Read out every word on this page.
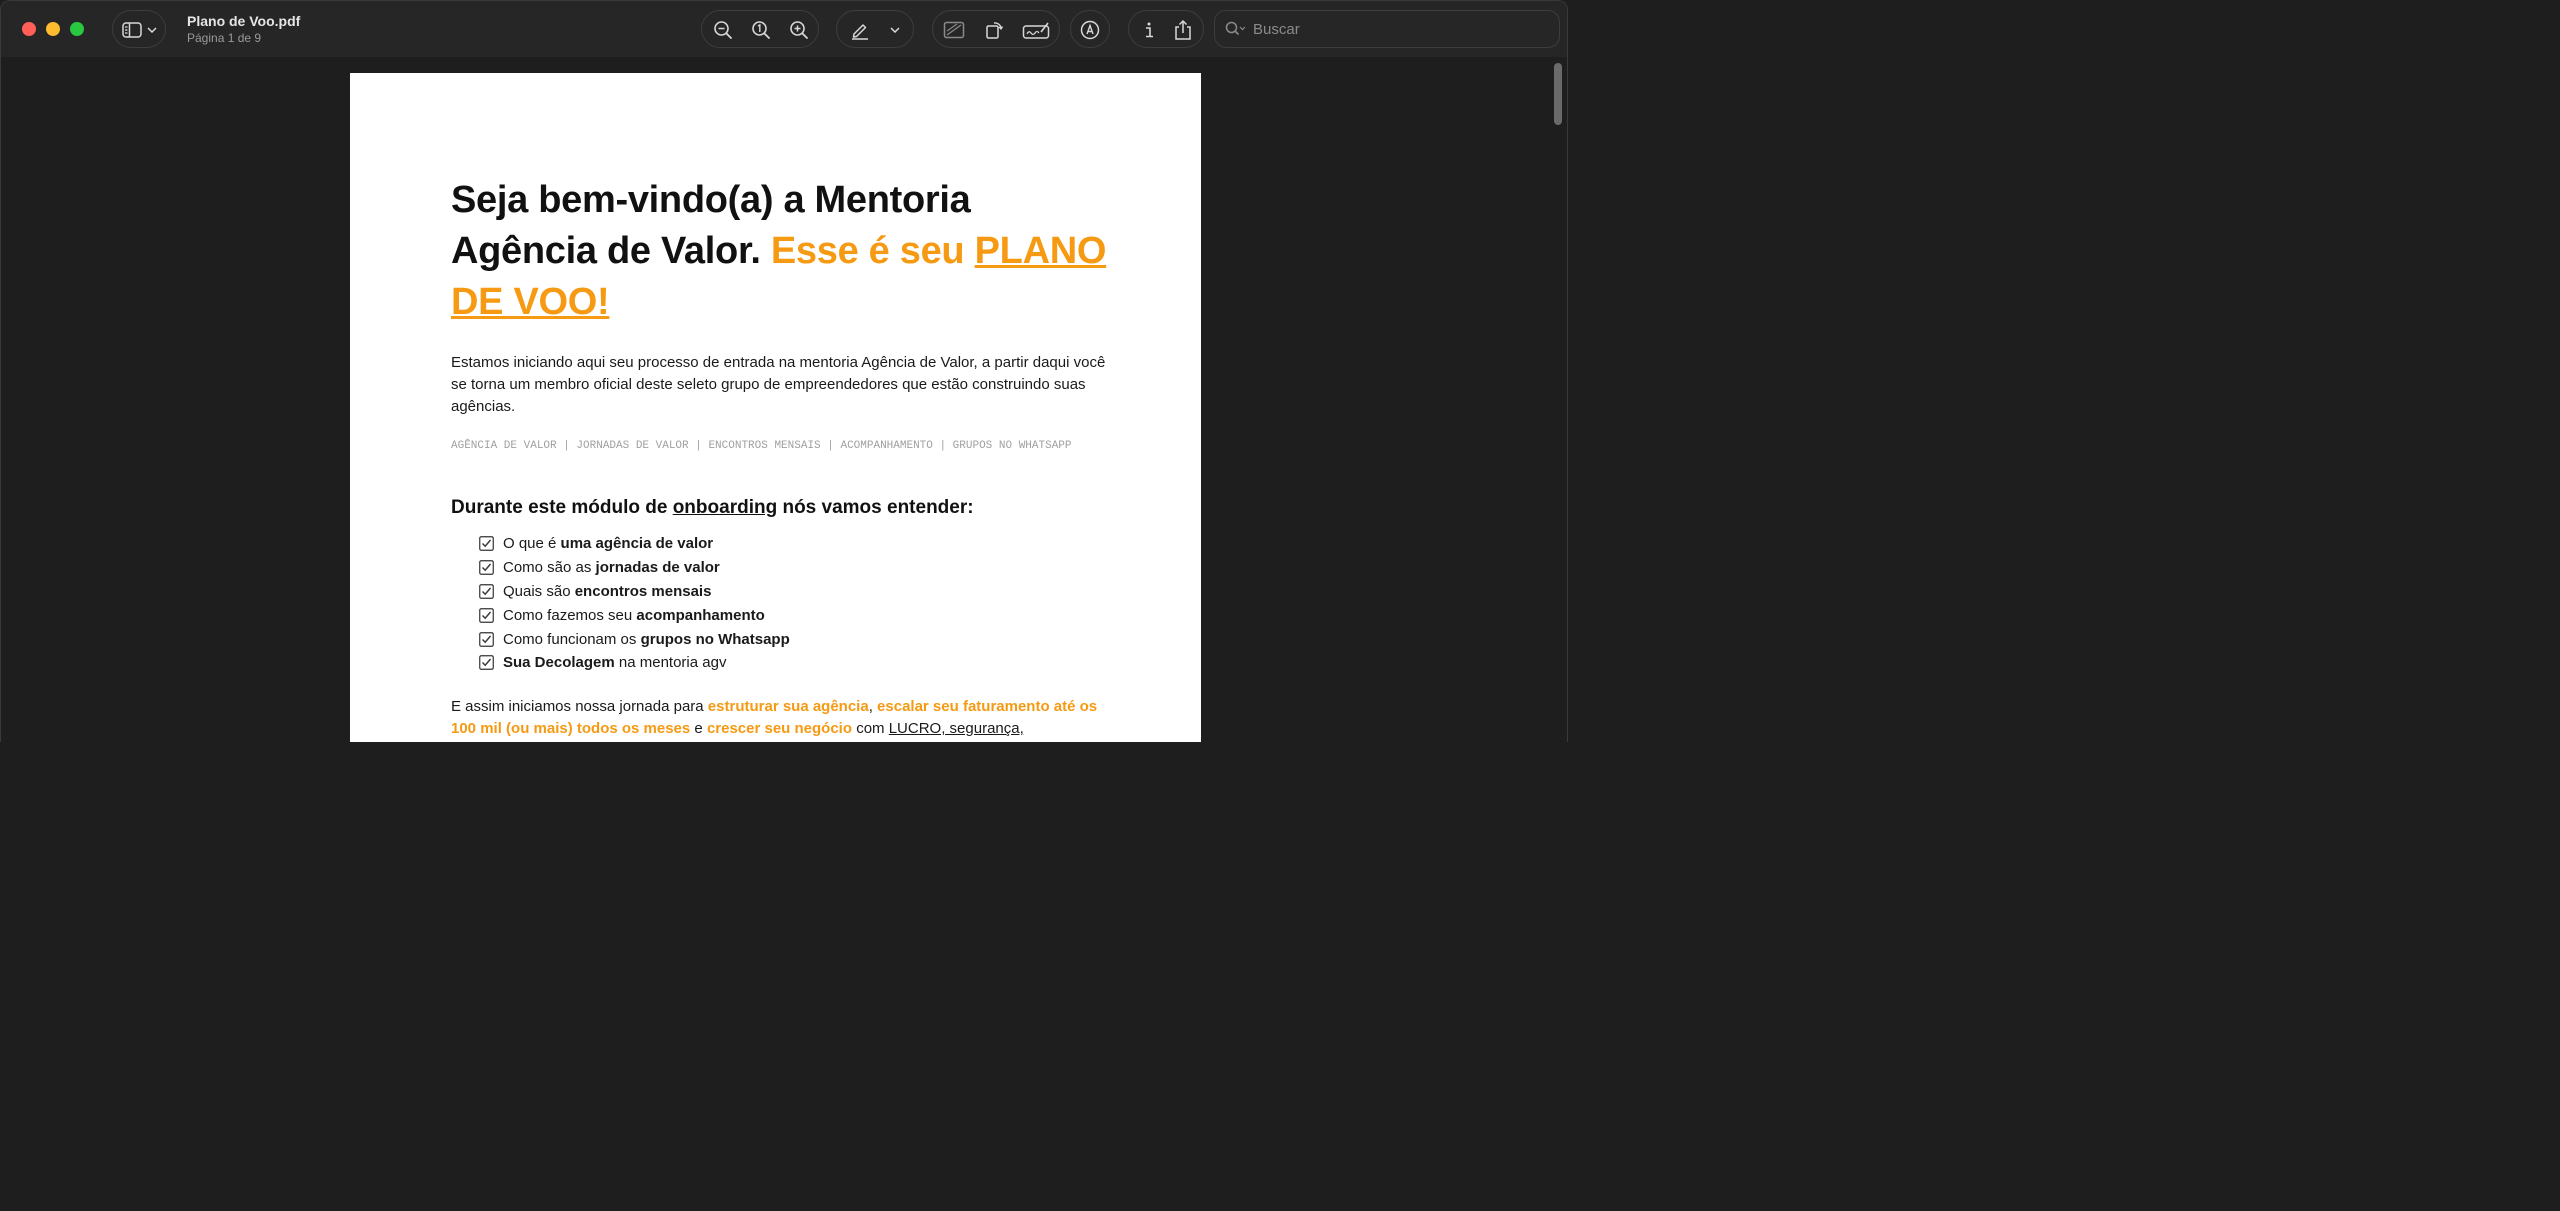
Plano de Voo.pdf
Página 1 de 9
Buscar
Seja bem-vindo(a) a Mentoria Agência de Valor. Esse é seu PLANO DE VOO!
Estamos iniciando aqui seu processo de entrada na mentoria Agência de Valor, a partir daqui você se torna um membro oficial deste seleto grupo de empreendedores que estão construindo suas agências.
AGÊNCIA DE VALOR | JORNADAS DE VALOR | ENCONTROS MENSAIS | ACOMPANHAMENTO | GRUPOS NO WHATSAPP
Durante este módulo de onboarding nós vamos entender:
O que é uma agência de valor
Como são as jornadas de valor
Quais são encontros mensais
Como fazemos seu acompanhamento
Como funcionam os grupos no Whatsapp
Sua Decolagem na mentoria agv
E assim iniciamos nossa jornada para estruturar sua agência, escalar seu faturamento até os 100 mil (ou mais) todos os meses e crescer seu negócio com LUCRO, segurança,
